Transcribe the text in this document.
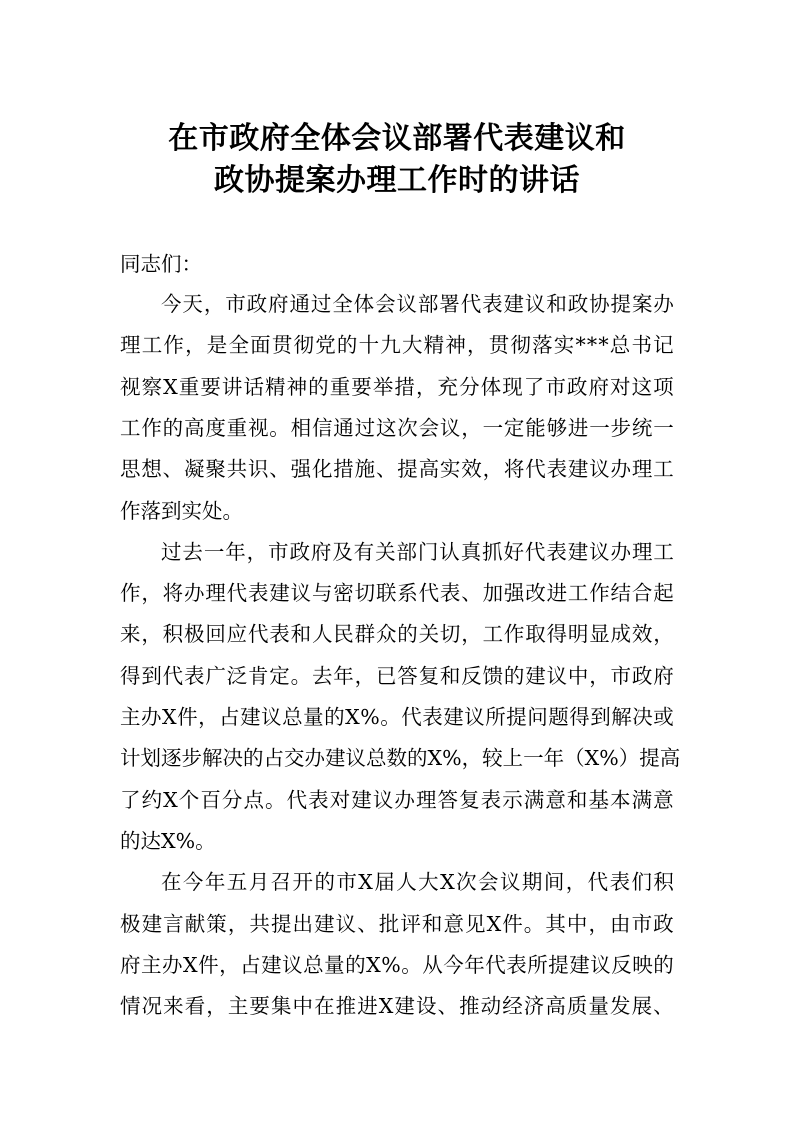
在市政府全体会议部署代表建议和
政协提案办理工作时的讲话
同志们：
今 天 ， 市 政 府 通 过 全 体 会 议 部 署 代 表 建 议 和 政 协 提 案 办
理 工 作 ， 是 全 面 贯 彻 党 的 十 九 大 精 神 ， 贯 彻 落 实 * * * 总 书 记
视 察 X 重 要 讲 话 精 神 的 重 要 举 措 ， 充 分 体 现 了 市 政 府 对 这 项
工 作 的 高 度 重 视 。 相 信 通 过 这 次 会 议 ， 一 定 能 够 进 一 步 统 一
思 想 、 凝 聚 共 识 、 强 化 措 施 、 提 高 实 效 ， 将 代 表 建 议 办 理 工
作落到实处。
过 去 一 年 ， 市 政 府 及 有 关 部 门 认 真 抓 好 代 表 建 议 办 理 工
作 ， 将 办 理 代 表 建 议 与 密 切 联 系 代 表 、 加 强 改 进 工 作 结 合 起
来 ， 积 极 回 应 代 表 和 人 民 群 众 的 关 切 ， 工 作 取 得 明 显 成 效 ，
得 到 代 表 广 泛 肯 定 。 去 年 ， 已 答 复 和 反 馈 的 建 议 中 ， 市 政 府
主 办 X 件 ， 占 建 议 总 量 的 X % 。 代 表 建 议 所 提 问 题 得 到 解 决 或
计 划 逐 步 解 决 的 占 交 办 建 议 总 数 的 X % ， 较 上 一 年 （ X % ） 提 高
了 约 X 个 百 分 点 。 代 表 对 建 议 办 理 答 复 表 示 满 意 和 基 本 满 意
的达X%。
在 今 年 五 月 召 开 的 市 X 届 人 大 X 次 会 议 期 间 ， 代 表 们 积
极 建 言 献 策 ， 共 提 出 建 议 、 批 评 和 意 见 X 件 。 其 中 ， 由 市 政
府 主 办 X 件 ， 占 建 议 总 量 的 X % 。 从 今 年 代 表 所 提 建 议 反 映 的
情 况 来 看 ， 主 要 集 中 在 推 进 X 建 设 、 推 动 经 济 高 质 量 发 展 、
